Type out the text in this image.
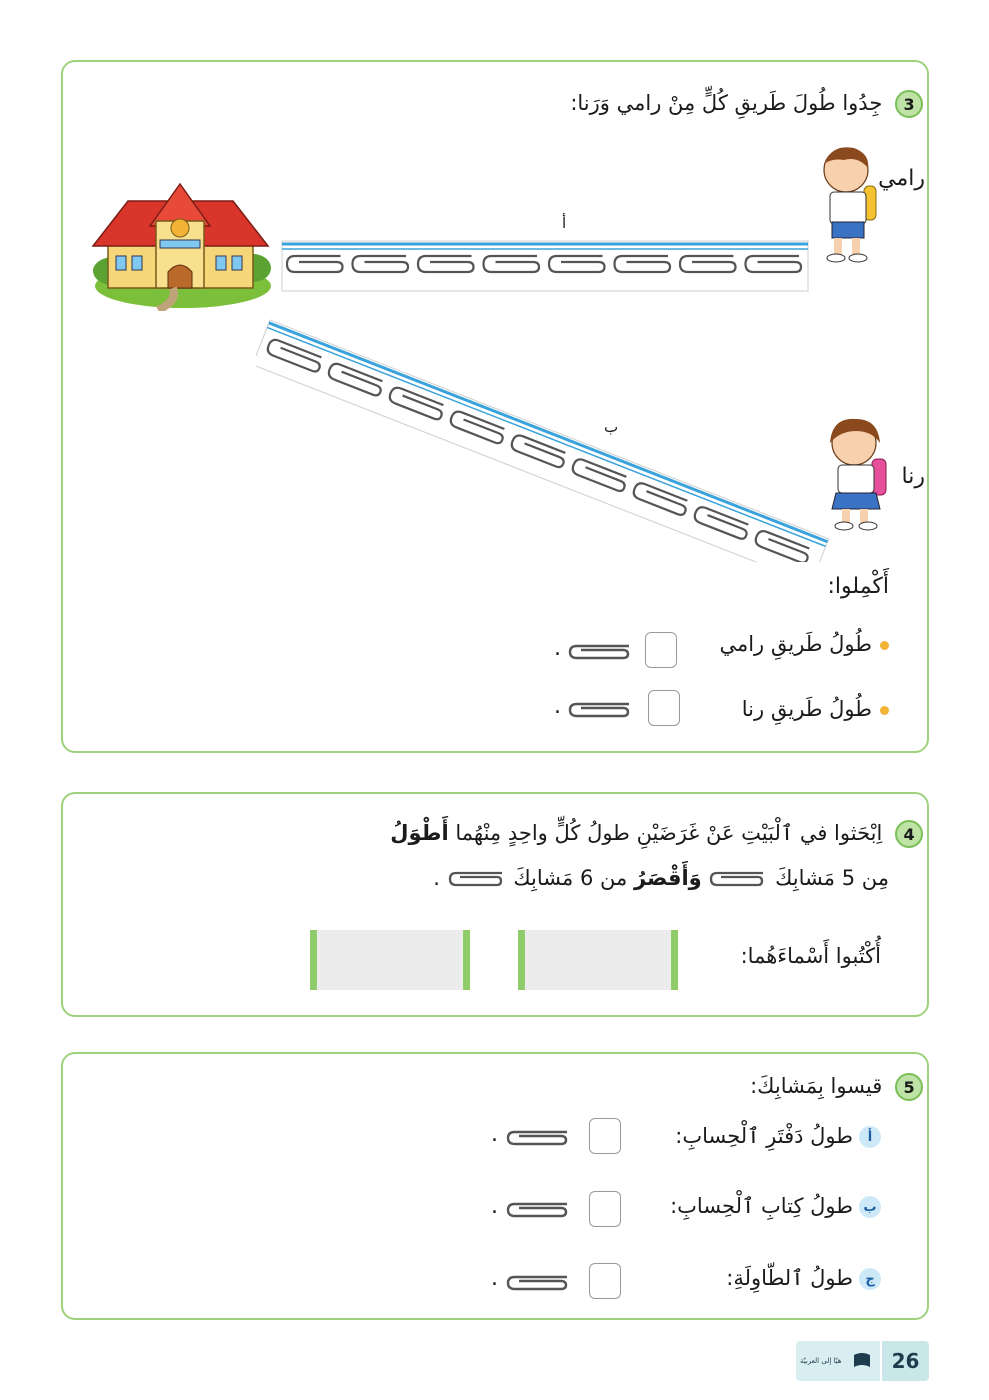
3 جِدُوا طُولَ طَريقِ كُلٍّ مِنْ رامي وَرَنا:
رامي
رنا
أ
ب
أَكْمِلوا:
طُولُ طَريقِ رامي
.
طُولُ طَريقِ رنا
.
4 اِبْحَثوا في ٱلْبَيْتِ عَنْ غَرَضَيْنِ طولُ كُلٍّ واحِدٍ مِنْهُما أَطْوَلُ
مِن 5 مَشابِكَ  وَأَقْصَرُ من 6 مَشابِكَ  .
أُكْتُبوا أَسْماءَهُما:
5 قيسوا بِمَشابِكَ:
أطولُ دَفْتَرِ ٱلْحِسابِ:
.
بطولُ كِتابِ ٱلْحِسابِ:
.
جطولُ ٱلطّاوِلَةِ:
.
هيّا إلى العربيّة	26
